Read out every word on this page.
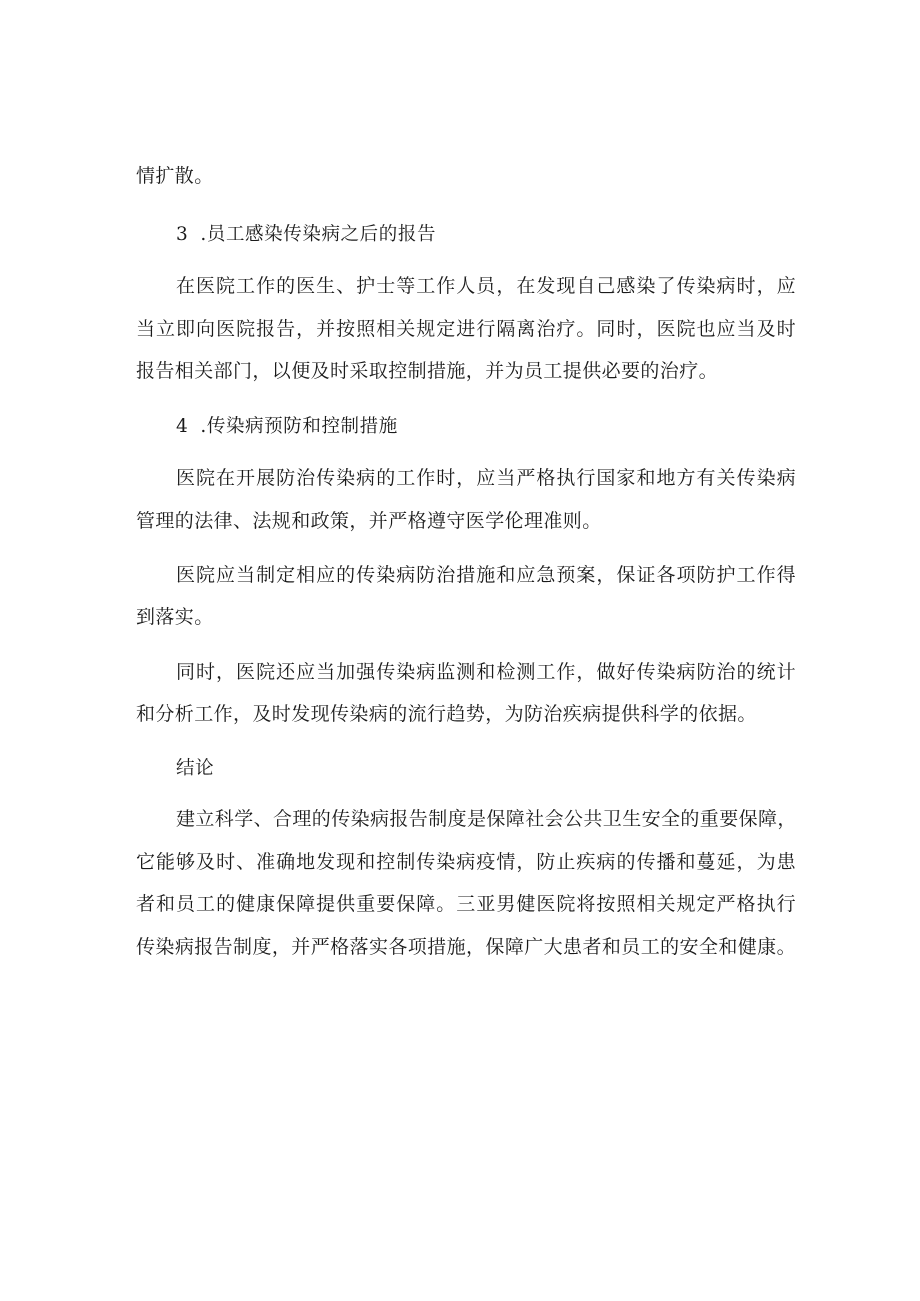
情扩散。
3 .员工感染传染病之后的报告
在医院工作的医生、护士等工作人员，在发现自己感染了传染病时，应
当立即向医院报告，并按照相关规定进行隔离治疗。同时，医院也应当及时
报告相关部门，以便及时采取控制措施，并为员工提供必要的治疗。
4 .传染病预防和控制措施
医院在开展防治传染病的工作时，应当严格执行国家和地方有关传染病
管理的法律、法规和政策，并严格遵守医学伦理准则。
医院应当制定相应的传染病防治措施和应急预案，保证各项防护工作得
到落实。
同时，医院还应当加强传染病监测和检测工作，做好传染病防治的统计
和分析工作，及时发现传染病的流行趋势，为防治疾病提供科学的依据。
结论
建立科学、合理的传染病报告制度是保障社会公共卫生安全的重要保障，
它能够及时、准确地发现和控制传染病疫情，防止疾病的传播和蔓延，为患
者和员工的健康保障提供重要保障。三亚男健医院将按照相关规定严格执行
传染病报告制度，并严格落实各项措施，保障广大患者和员工的安全和健康。
